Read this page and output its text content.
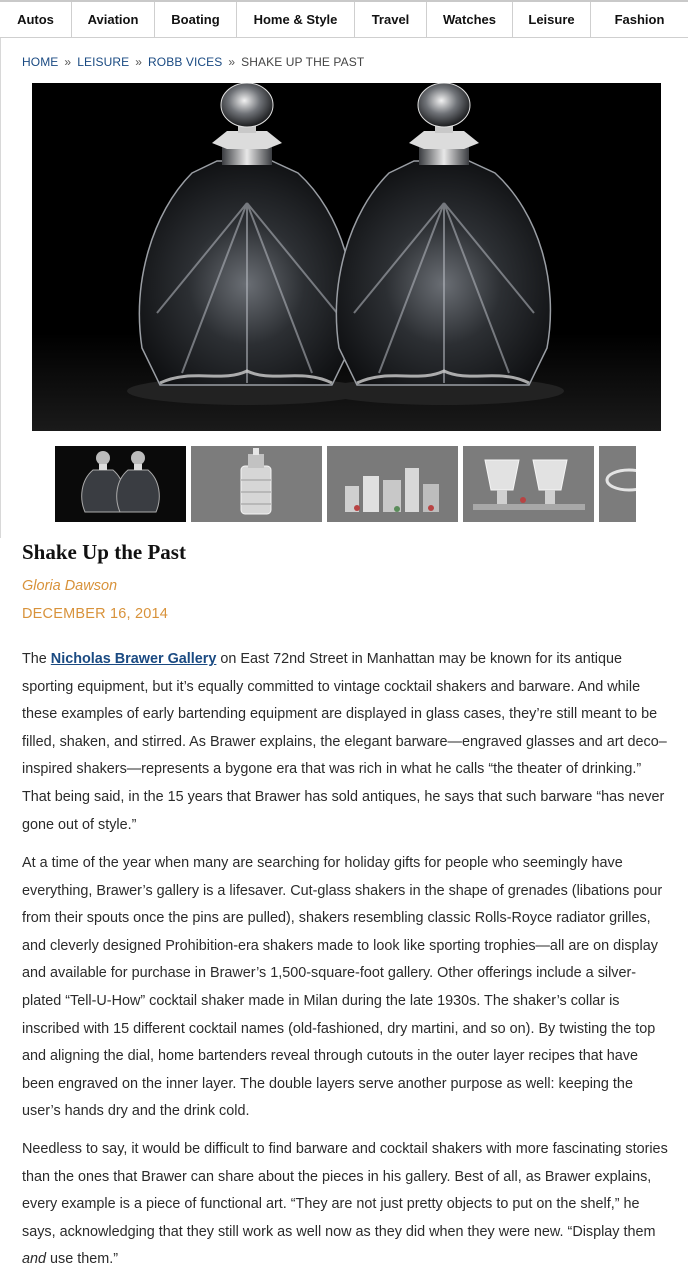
Autos	Aviation	Boating	Home & Style	Travel	Watches	Leisure	Fashion
HOME » LEISURE » ROBB VICES » SHAKE UP THE PAST
Shake Up the Past
Gloria Dawson
DECEMBER 16, 2014

The Nicholas Brawer Gallery on East 72nd Street in Manhattan may be known for its antique sporting equipment, but it’s equally committed to vintage cocktail shakers and barware. And while these examples of early bartending equipment are displayed in glass cases, they’re still meant to be filled, shaken, and stirred. As Brawer explains, the elegant barware—engraved glasses and art deco–inspired shakers—represents a bygone era that was rich in what he calls “the theater of drinking.” That being said, in the 15 years that Brawer has sold antiques, he says that such barware “has never gone out of style.”

At a time of the year when many are searching for holiday gifts for people who seemingly have everything, Brawer’s gallery is a lifesaver. Cut-glass shakers in the shape of grenades (libations pour from their spouts once the pins are pulled), shakers resembling classic Rolls-Royce radiator grilles, and cleverly designed Prohibition-era shakers made to look like sporting trophies—all are on display and available for purchase in Brawer’s 1,500-square-foot gallery. Other offerings include a silver-plated “Tell-U-How” cocktail shaker made in Milan during the late 1930s. The shaker’s collar is inscribed with 15 different cocktail names (old-fashioned, dry martini, and so on). By twisting the top and aligning the dial, home bartenders reveal through cutouts in the outer layer recipes that have been engraved on the inner layer. The double layers serve another purpose as well: keeping the user’s hands dry and the drink cold.

Needless to say, it would be difficult to find barware and cocktail shakers with more fascinating stories than the ones that Brawer can share about the pieces in his gallery. Best of all, as Brawer explains, every example is a piece of functional art. “They are not just pretty objects to put on the shelf,” he says, acknowledging that they still work as well now as they did when they were new. “Display them and use them.”
